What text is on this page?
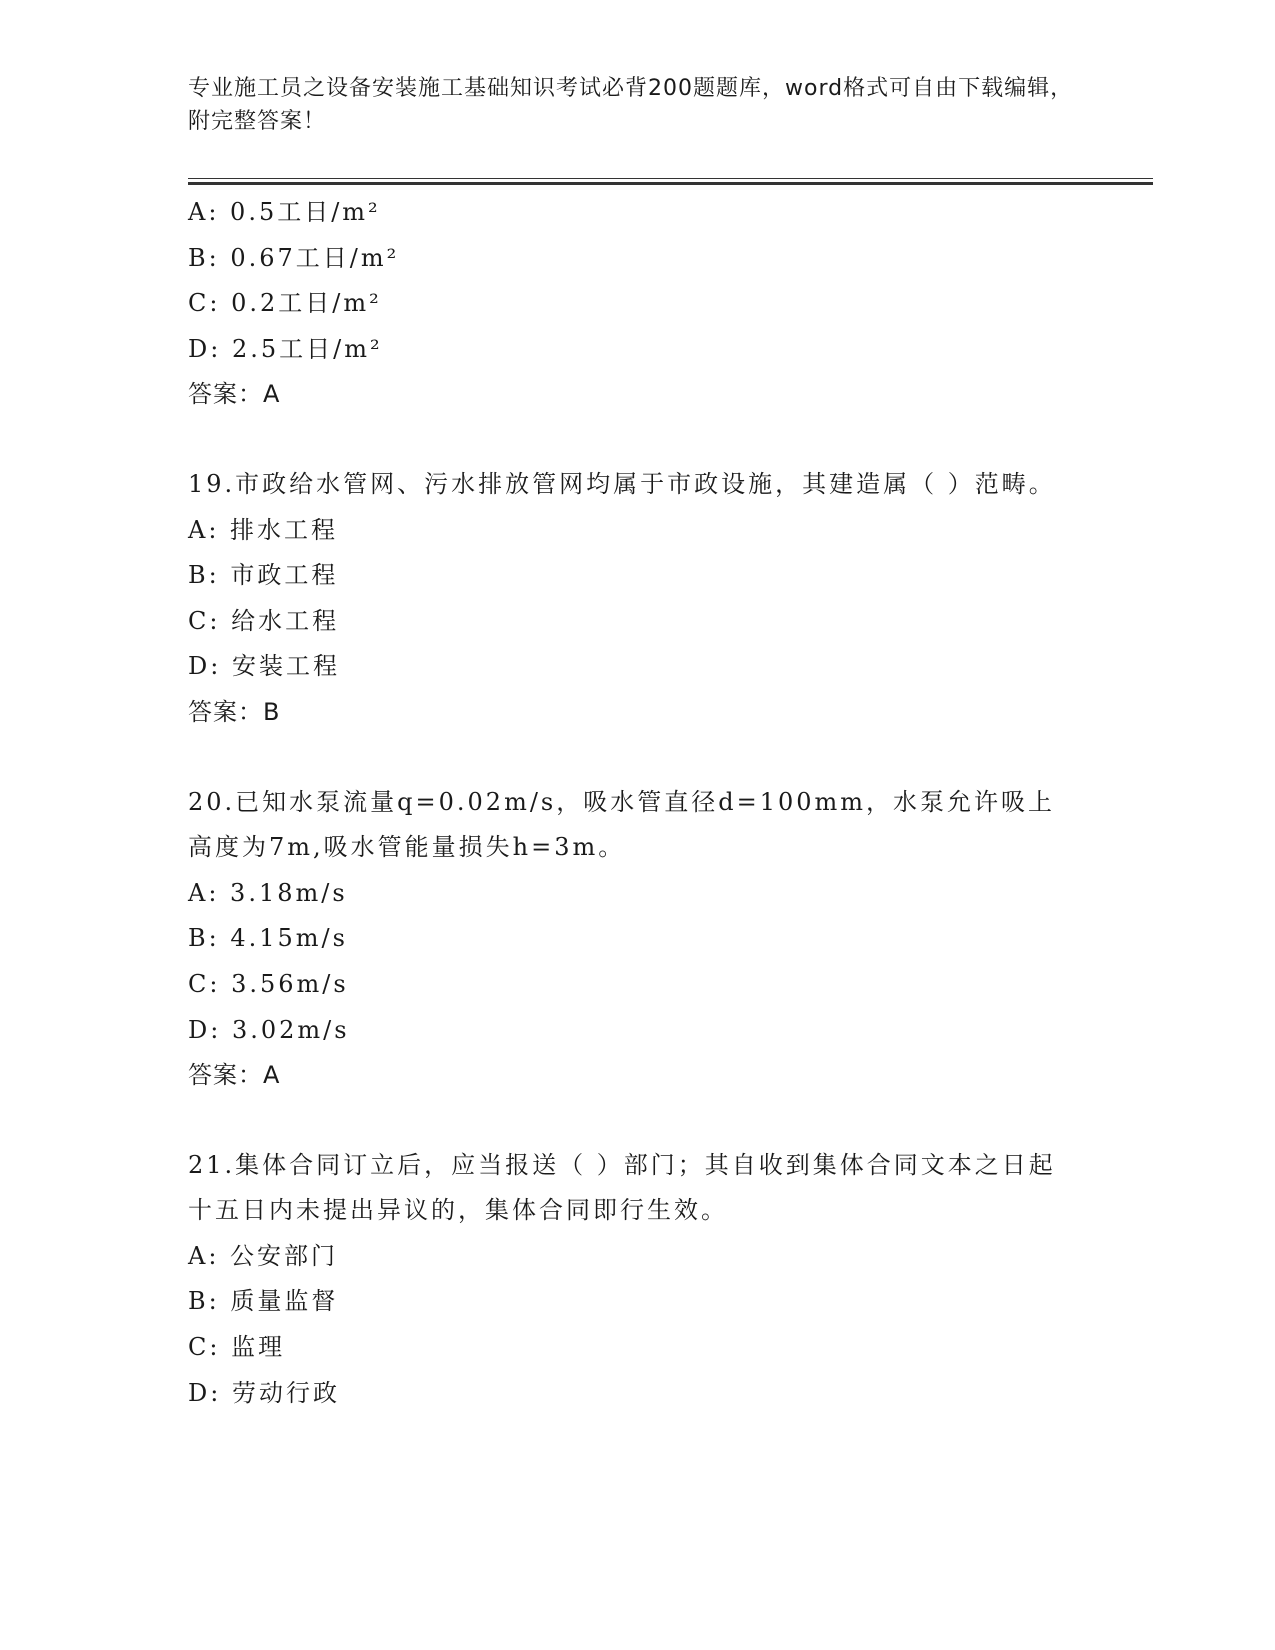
专业施工员之设备安装施工基础知识考试必背200题题库，word格式可自由下载编辑，附完整答案！
A: 0.5工日/m²
B: 0.67工日/m²
C: 0.2工日/m²
D: 2.5工日/m²
答案：A
19.市政给水管网、污水排放管网均属于市政设施，其建造属（ ）范畴。
A: 排水工程
B: 市政工程
C: 给水工程
D: 安装工程
答案：B
20.已知水泵流量q=0.02m/s，吸水管直径d=100mm，水泵允许吸上高度为7m,吸水管能量损失h=3m。
A: 3.18m/s
B: 4.15m/s
C: 3.56m/s
D: 3.02m/s
答案：A
21.集体合同订立后，应当报送（ ）部门；其自收到集体合同文本之日起十五日内未提出异议的，集体合同即行生效。
A: 公安部门
B: 质量监督
C: 监理
D: 劳动行政
